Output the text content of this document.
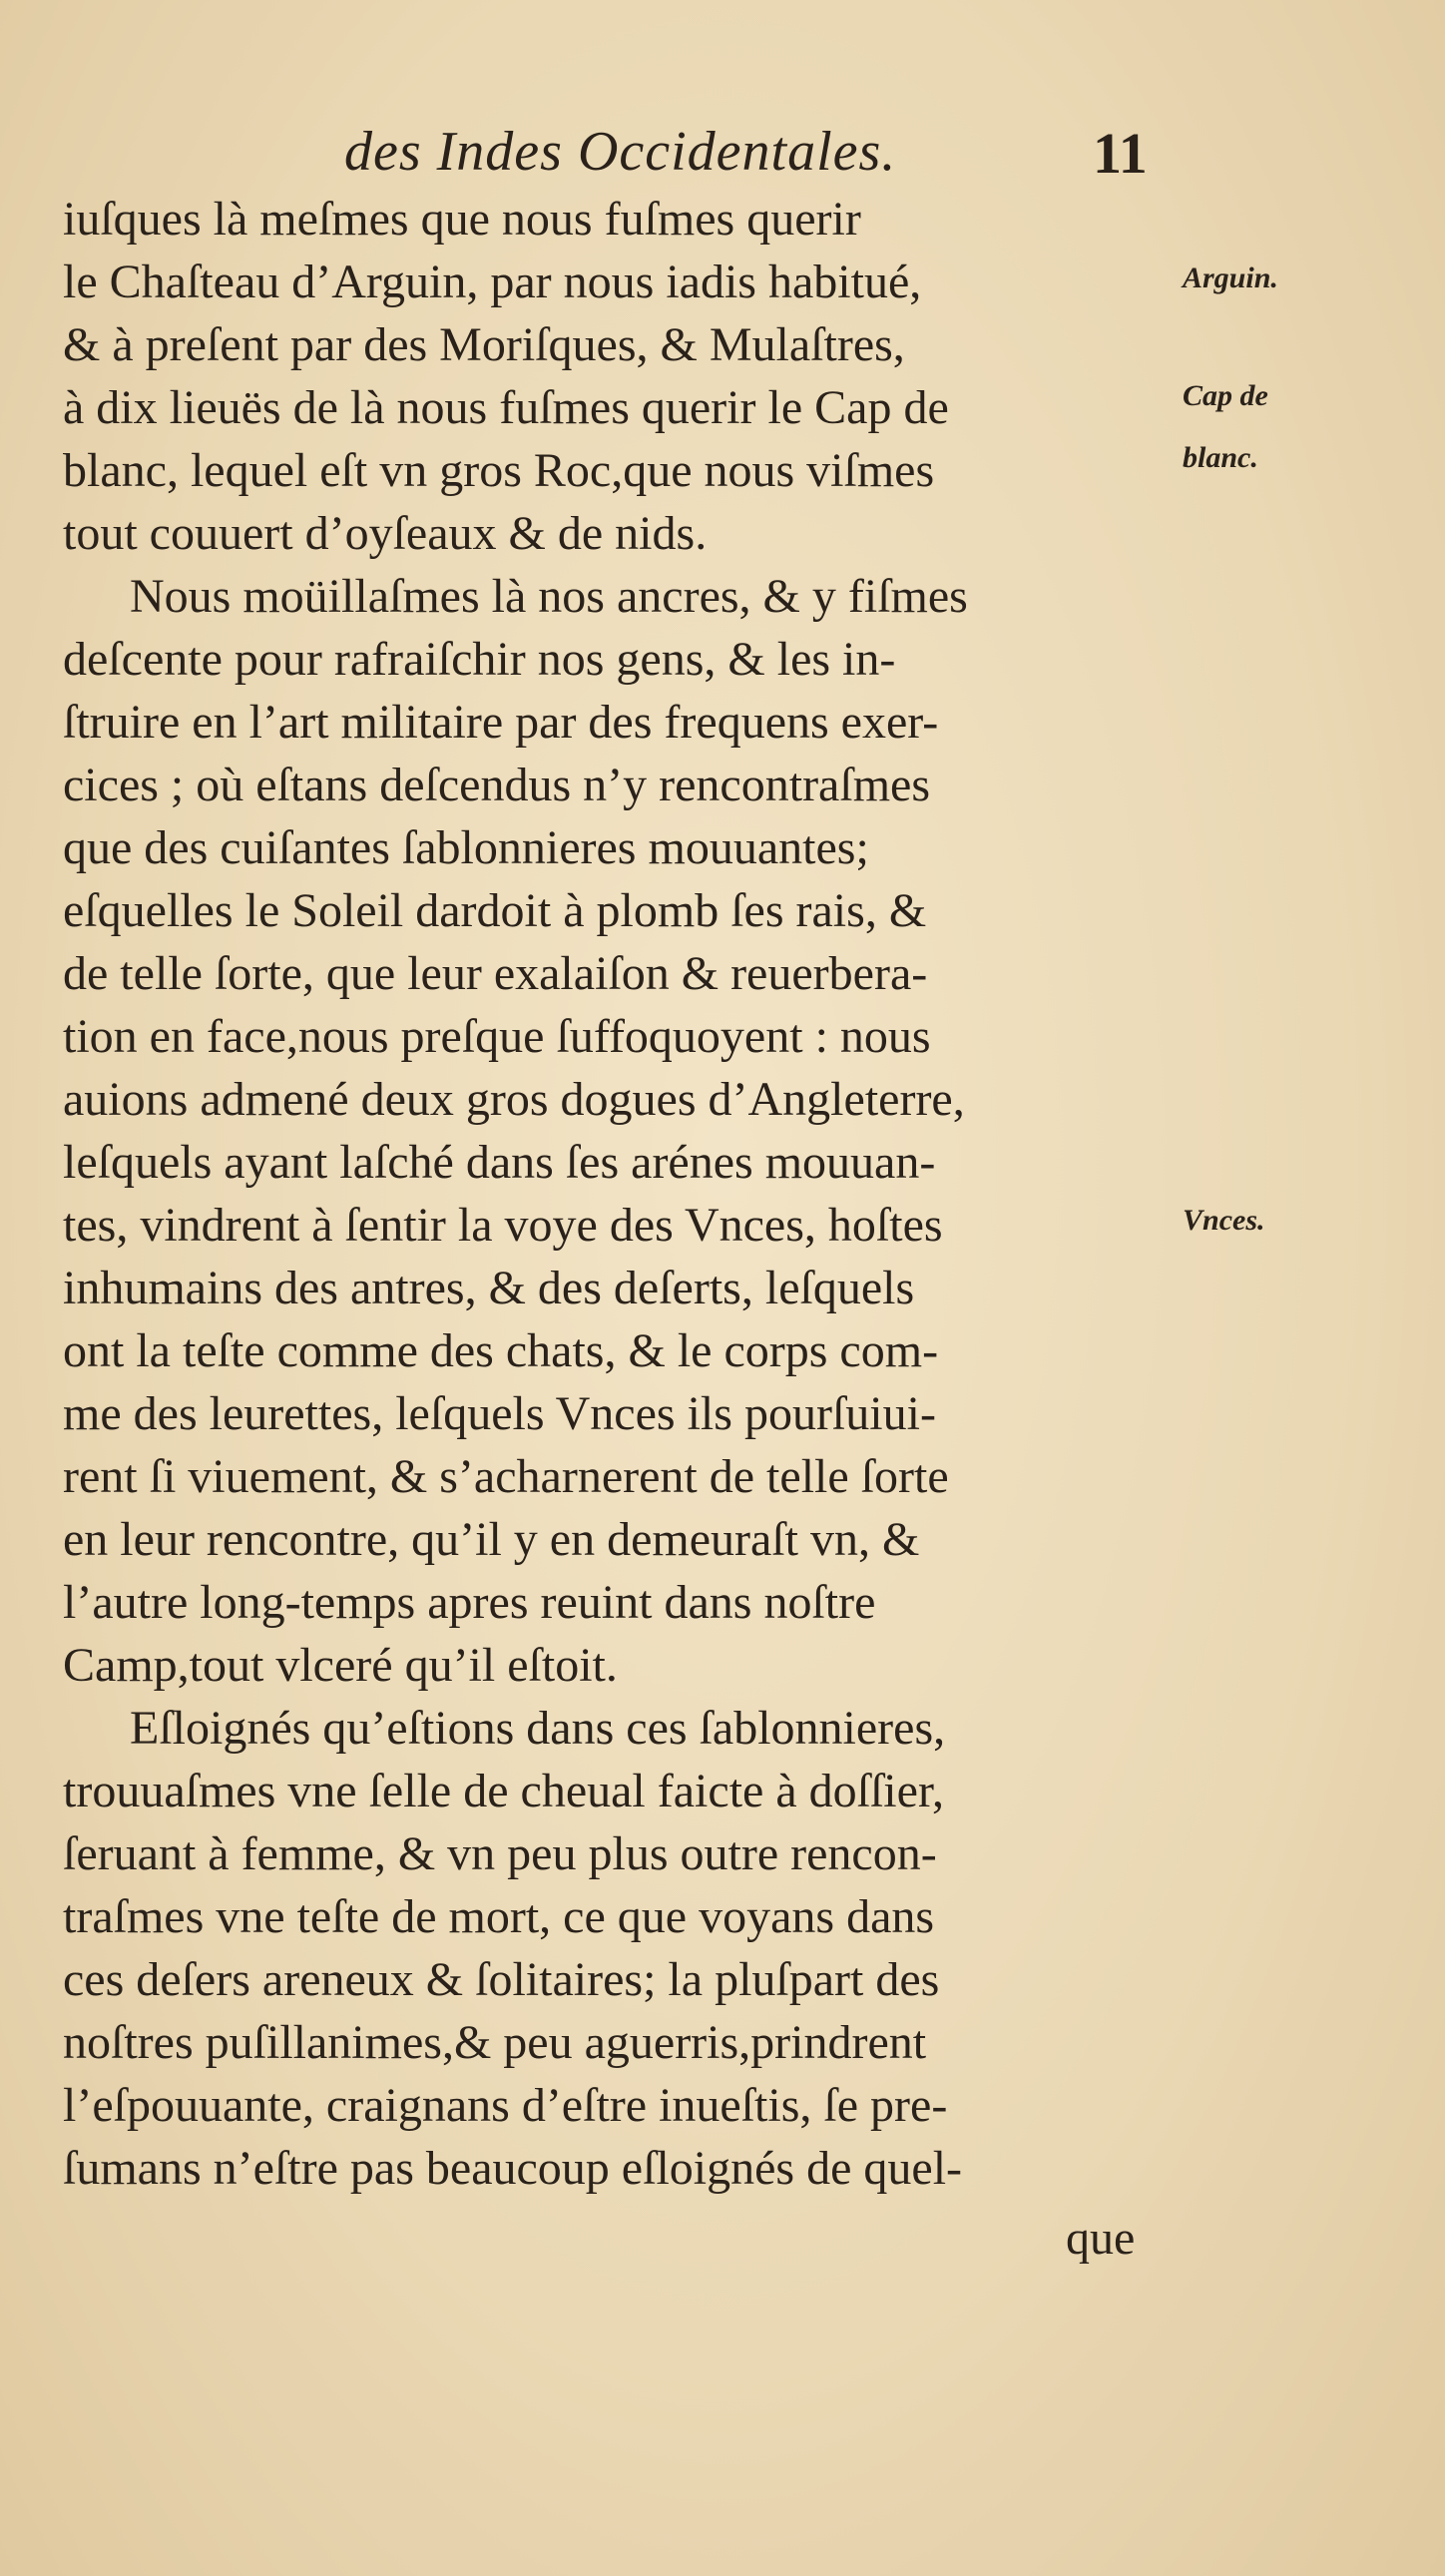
des Indes Occidentales.	11
iuſques là meſmes que nous fuſmes querir
le Chaſteau d’Arguin, par nous iadis habitué,
& à preſent par des Moriſques, & Mulaſtres,
à dix lieuës de là nous fuſmes querir le Cap de
blanc, lequel eſt vn gros Roc,que nous viſmes
tout couuert d’oyſeaux & de nids.
Nous moüillaſmes là nos ancres, & y fiſmes
deſcente pour rafraiſchir nos gens, & les in-
ſtruire en l’art militaire par des frequens exer-
cices ; où eſtans deſcendus n’y rencontraſmes
que des cuiſantes ſablonnieres mouuantes;
eſquelles le Soleil dardoit à plomb ſes rais, &
de telle ſorte, que leur exalaiſon & reuerbera-
tion en face,nous preſque ſuffoquoyent : nous
auions admené deux gros dogues d’Angleterre,
leſquels ayant laſché dans ſes arénes mouuan-
tes, vindrent à ſentir la voye des Vnces, hoſtes
inhumains des antres, & des deſerts, leſquels
ont la teſte comme des chats, & le corps com-
me des leurettes, leſquels Vnces ils pourſuiui-
rent ſi viuement, & s’acharnerent de telle ſorte
en leur rencontre, qu’il y en demeuraſt vn, &
l’autre long-temps apres reuint dans noſtre
Camp,tout vlceré qu’il eſtoit.
Eſloignés qu’eſtions dans ces ſablonnieres,
trouuaſmes vne ſelle de cheual faicte à doſſier,
ſeruant à femme, & vn peu plus outre rencon-
traſmes vne teſte de mort, ce que voyans dans
ces deſers areneux & ſolitaires; la pluſpart des
noſtres puſillanimes,& peu aguerris,prindrent
l’eſpouuante, craignans d’eſtre inueſtis, ſe pre-
ſumans n’eſtre pas beaucoup eſloignés de quel-
Arguin.
Cap de
blanc.
Vnces.
que
